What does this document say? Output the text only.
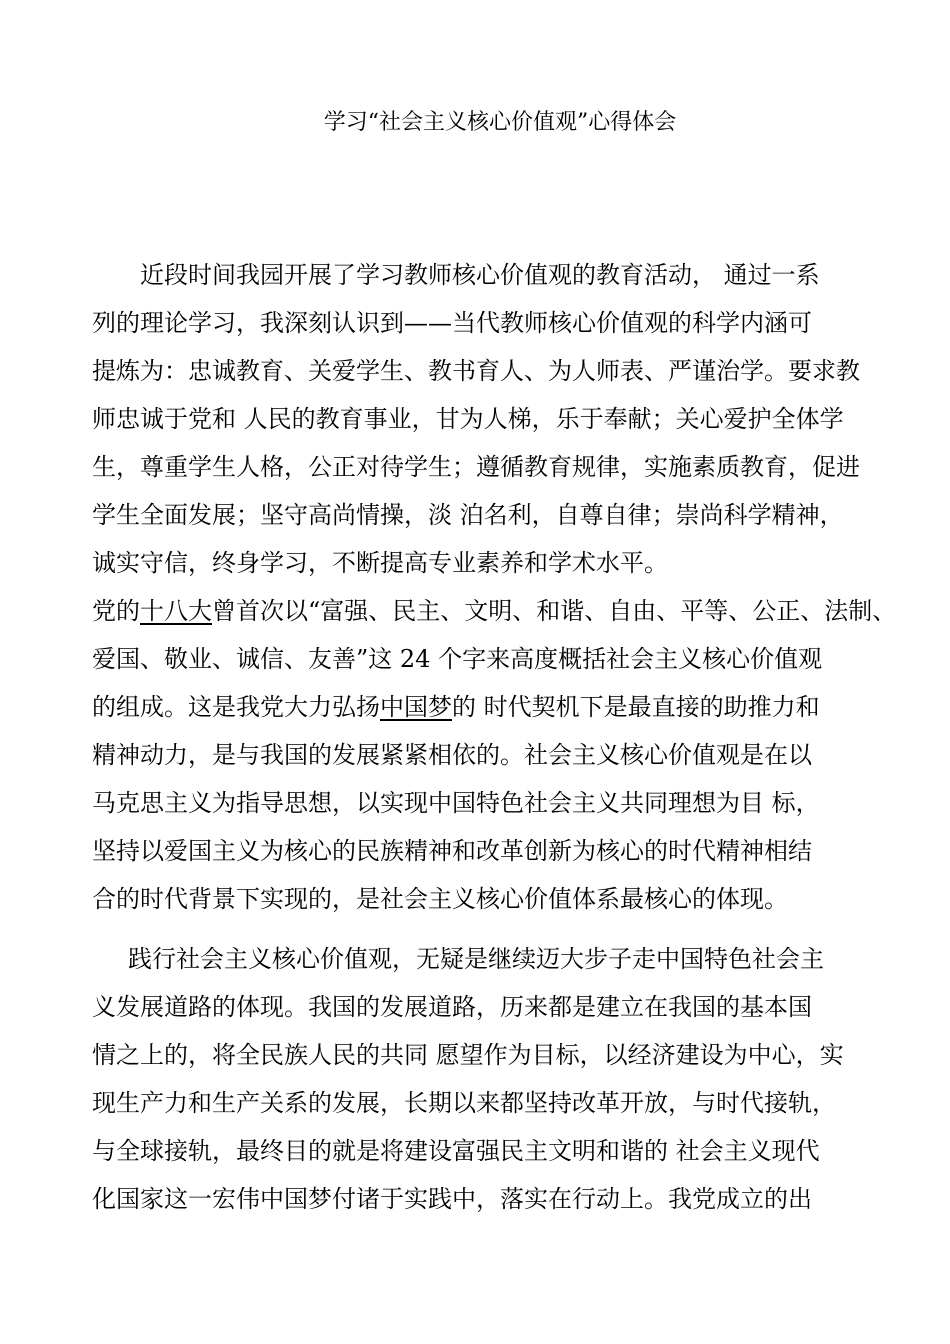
学习“社会主义核心价值观”心得体会
近段时间我园开展了学习教师核心价值观的教育活动， 通过一系
列的理论学习，我深刻认识到——当代教师核心价值观的科学内涵可
提炼为：忠诚教育、关爱学生、教书育人、为人师表、严谨治学。要求教
师忠诚于党和 人民的教育事业，甘为人梯，乐于奉献；关心爱护全体学
生，尊重学生人格，公正对待学生；遵循教育规律，实施素质教育，促进
学生全面发展；坚守高尚情操，淡 泊名利，自尊自律；崇尚科学精神，
诚实守信，终身学习，不断提高专业素养和学术水平。
党的十八大曾首次以“富强、民主、文明、和谐、自由、平等、公正、法制、
爱国、敬业、诚信、友善”这 24 个字来高度概括社会主义核心价值观
的组成。这是我党大力弘扬中国梦的 时代契机下是最直接的助推力和
精神动力，是与我国的发展紧紧相依的。社会主义核心价值观是在以
马克思主义为指导思想，以实现中国特色社会主义共同理想为目 标，
坚持以爱国主义为核心的民族精神和改革创新为核心的时代精神相结
合的时代背景下实现的，是社会主义核心价值体系最核心的体现。
践行社会主义核心价值观，无疑是继续迈大步子走中国特色社会主
义发展道路的体现。我国的发展道路，历来都是建立在我国的基本国
情之上的，将全民族人民的共同 愿望作为目标，以经济建设为中心，实
现生产力和生产关系的发展，长期以来都坚持改革开放，与时代接轨，
与全球接轨，最终目的就是将建设富强民主文明和谐的 社会主义现代
化国家这一宏伟中国梦付诸于实践中，落实在行动上。我党成立的出
